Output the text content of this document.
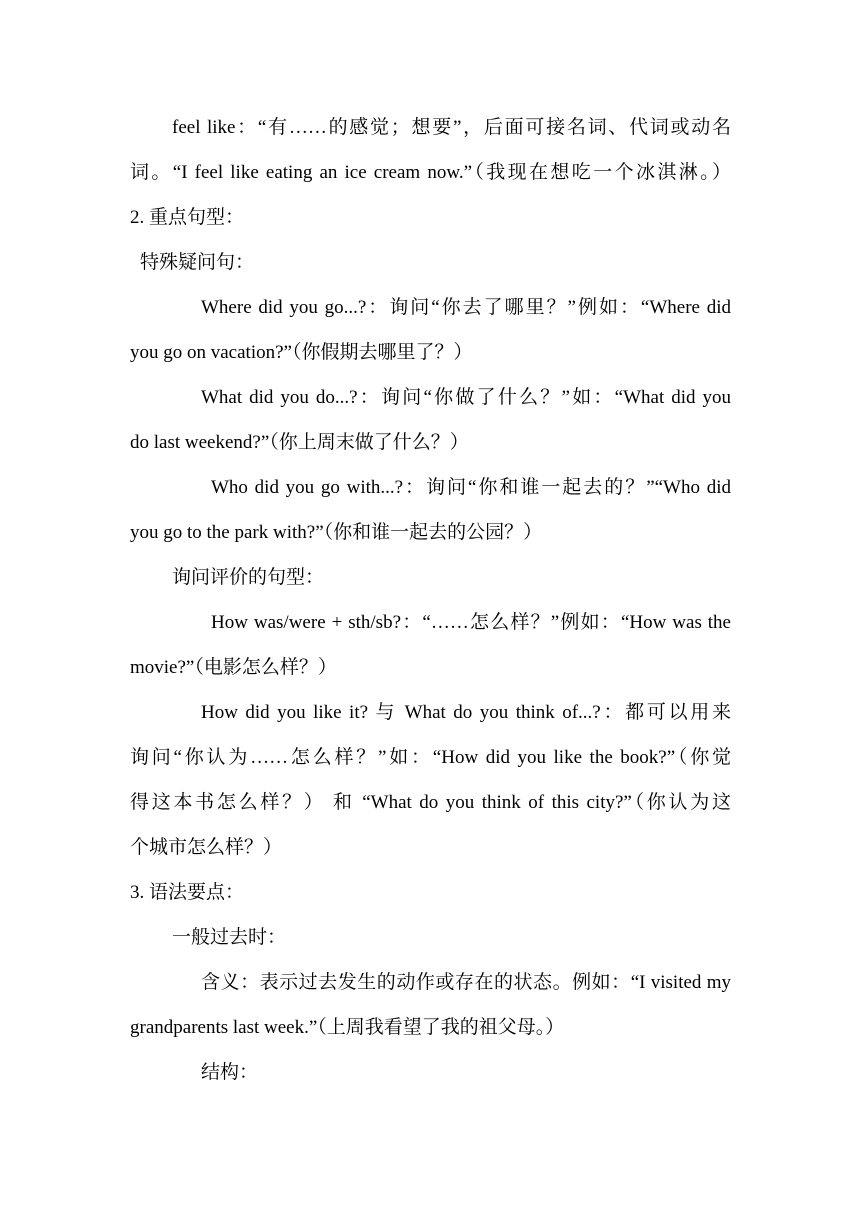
feel like：“有……的感觉；想要”，后面可接名词、代词或动名
词。“I feel like eating an ice cream now.”（我现在想吃一个冰淇淋。）
2. 重点句型：
特殊疑问句：
Where did you go...?：询问“你去了哪里？”例如：“Where did
you go on vacation?”（你假期去哪里了？）
What did you do...?：询问“你做了什么？”如：“What did you
do last weekend?”（你上周末做了什么？）
Who did you go with...?：询问“你和谁一起去的？”“Who did
you go to the park with?”（你和谁一起去的公园？）
询问评价的句型：
How was/were + sth/sb?：“……怎么样？”例如：“How was the
movie?”（电影怎么样？）
How did you like it? 与 What do you think of...?：都可以用来
询问“你认为……怎么样？”如：“How did you like the book?”（你觉
得这本书怎么样？） 和 “What do you think of this city?”（你认为这
个城市怎么样？）
3. 语法要点：
一般过去时：
含义：表示过去发生的动作或存在的状态。例如：“I visited my
grandparents last week.”（上周我看望了我的祖父母。）
结构：
